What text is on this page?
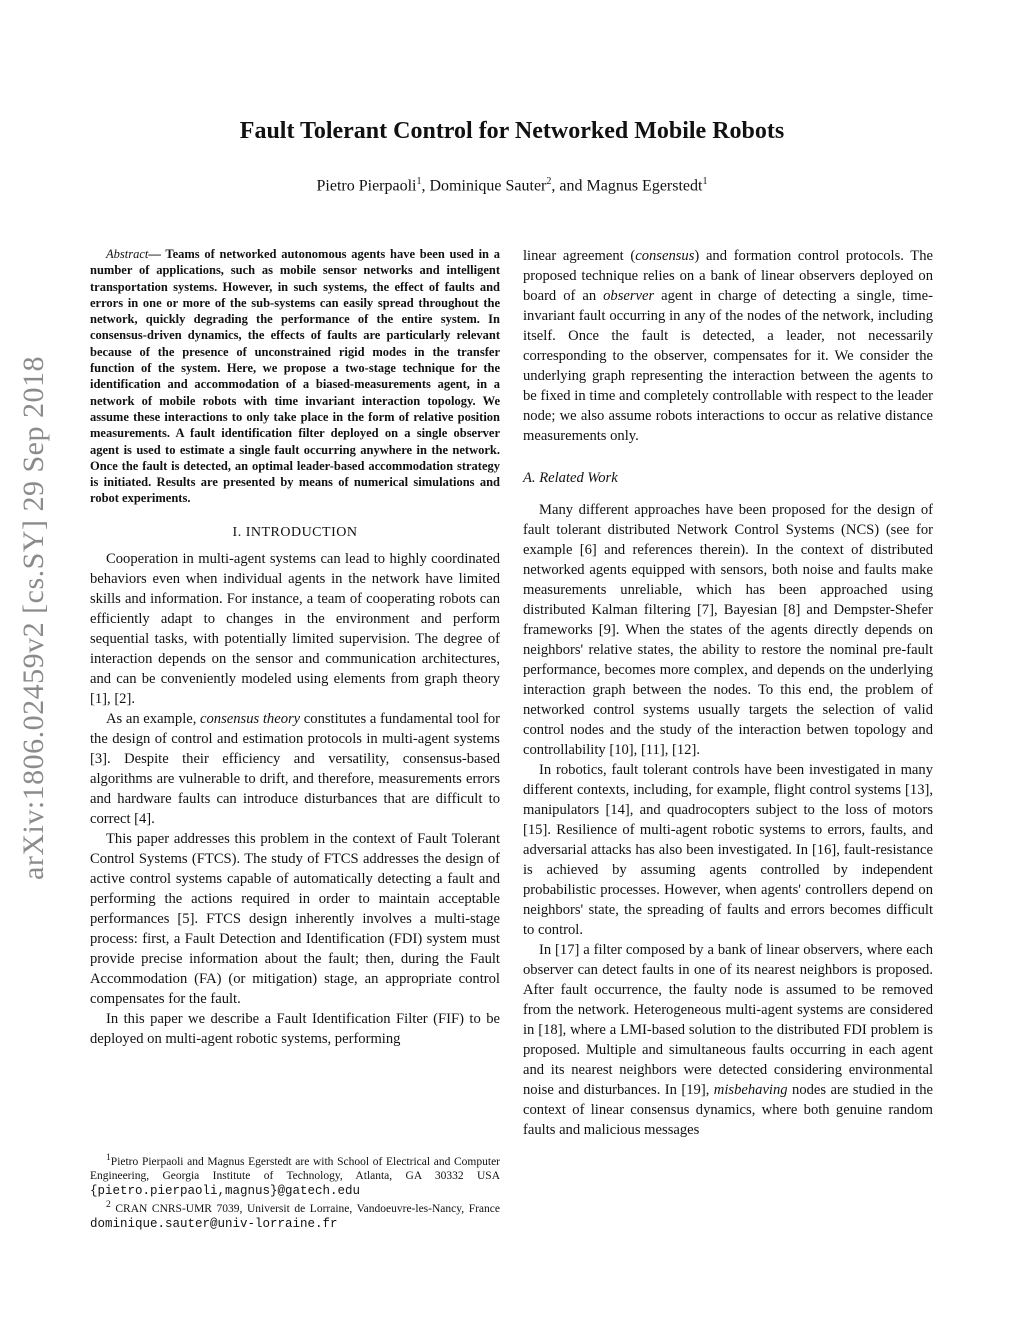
Fault Tolerant Control for Networked Mobile Robots
Pietro Pierpaoli$^1$, Dominique Sauter$^2$, and Magnus Egerstedt$^1$
arXiv:1806.02459v2 [cs.SY] 29 Sep 2018

Abstract— Teams of networked autonomous agents have been used in a number of applications, such as mobile sensor networks and intelligent transportation systems. However, in such systems, the effect of faults and errors in one or more of the sub-systems can easily spread throughout the network, quickly degrading the performance of the entire system. In consensus-driven dynamics, the effects of faults are particularly relevant because of the presence of unconstrained rigid modes in the transfer function of the system. Here, we propose a two-stage technique for the identification and accommodation of a biased-measurements agent, in a network of mobile robots with time invariant interaction topology. We assume these interactions to only take place in the form of relative position measurements. A fault identification filter deployed on a single observer agent is used to estimate a single fault occurring anywhere in the network. Once the fault is detected, an optimal leader-based accommodation strategy is initiated. Results are presented by means of numerical simulations and robot experiments.

I. INTRODUCTION

Cooperation in multi-agent systems can lead to highly coordinated behaviors even when individual agents in the network have limited skills and information. For instance, a team of cooperating robots can efficiently adapt to changes in the environment and perform sequential tasks, with potentially limited supervision. The degree of interaction depends on the sensor and communication architectures, and can be conveniently modeled using elements from graph theory [1], [2].

As an example, consensus theory constitutes a fundamental tool for the design of control and estimation protocols in multi-agent systems [3]. Despite their efficiency and versatility, consensus-based algorithms are vulnerable to drift, and therefore, measurements errors and hardware faults can introduce disturbances that are difficult to correct [4].

This paper addresses this problem in the context of Fault Tolerant Control Systems (FTCS). The study of FTCS addresses the design of active control systems capable of automatically detecting a fault and performing the actions required in order to maintain acceptable performances [5]. FTCS design inherently involves a multi-stage process: first, a Fault Detection and Identification (FDI) system must provide precise information about the fault; then, during the Fault Accommodation (FA) (or mitigation) stage, an appropriate control compensates for the fault.

In this paper we describe a Fault Identification Filter (FIF) to be deployed on multi-agent robotic systems, performing

$^1$Pietro Pierpaoli and Magnus Egerstedt are with School of Electrical and Computer Engineering, Georgia Institute of Technology, Atlanta, GA 30332 USA {pietro.pierpaoli,magnus}@gatech.edu

$^2$ CRAN CNRS-UMR 7039, Universit de Lorraine, Vandoeuvre-les-Nancy, France dominique.sauter@univ-lorraine.fr

linear agreement (consensus) and formation control protocols. The proposed technique relies on a bank of linear observers deployed on board of an observer agent in charge of detecting a single, time-invariant fault occurring in any of the nodes of the network, including itself. Once the fault is detected, a leader, not necessarily corresponding to the observer, compensates for it. We consider the underlying graph representing the interaction between the agents to be fixed in time and completely controllable with respect to the leader node; we also assume robots interactions to occur as relative distance measurements only.

A. Related Work

Many different approaches have been proposed for the design of fault tolerant distributed Network Control Systems (NCS) (see for example [6] and references therein). In the context of distributed networked agents equipped with sensors, both noise and faults make measurements unreliable, which has been approached using distributed Kalman filtering [7], Bayesian [8] and Dempster-Shefer frameworks [9]. When the states of the agents directly depends on neighbors' relative states, the ability to restore the nominal pre-fault performance, becomes more complex, and depends on the underlying interaction graph between the nodes. To this end, the problem of networked control systems usually targets the selection of valid control nodes and the study of the interaction betwen topology and controllability [10], [11], [12].

In robotics, fault tolerant controls have been investigated in many different contexts, including, for example, flight control systems [13], manipulators [14], and quadrocopters subject to the loss of motors [15]. Resilience of multi-agent robotic systems to errors, faults, and adversarial attacks has also been investigated. In [16], fault-resistance is achieved by assuming agents controlled by independent probabilistic processes. However, when agents' controllers depend on neighbors' state, the spreading of faults and errors becomes difficult to control.

In [17] a filter composed by a bank of linear observers, where each observer can detect faults in one of its nearest neighbors is proposed. After fault occurrence, the faulty node is assumed to be removed from the network. Heterogeneous multi-agent systems are considered in [18], where a LMI-based solution to the distributed FDI problem is proposed. Multiple and simultaneous faults occurring in each agent and its nearest neighbors were detected considering environmental noise and disturbances. In [19], misbehaving nodes are studied in the context of linear consensus dynamics, where both genuine random faults and malicious messages
